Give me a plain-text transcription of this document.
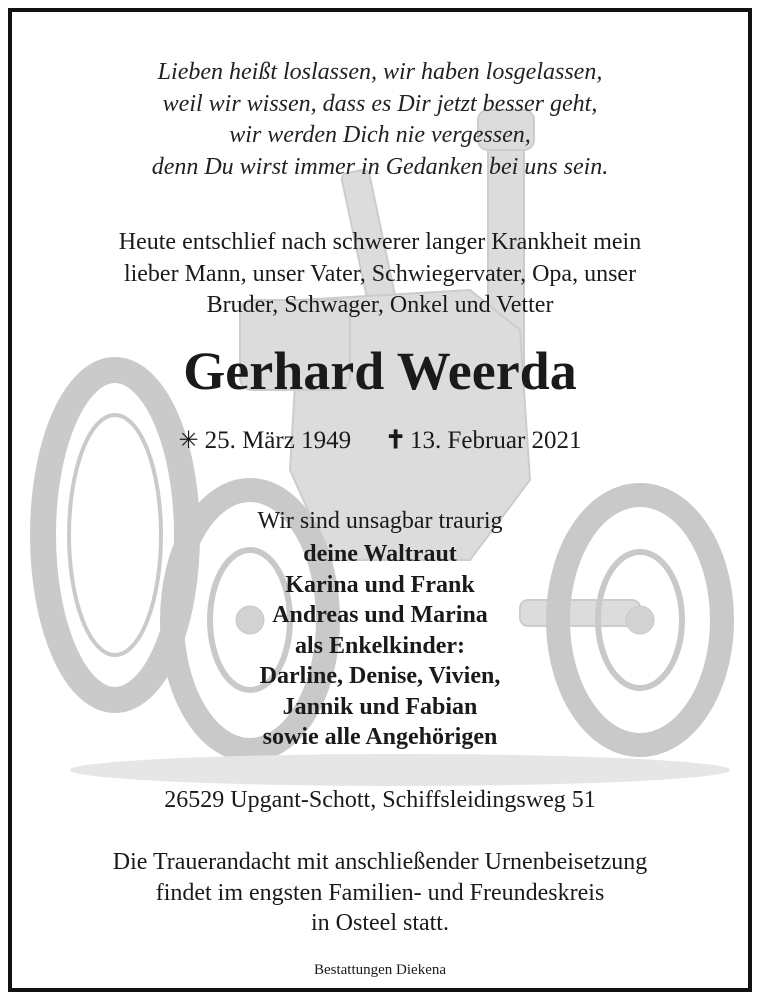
Lieben heißt loslassen, wir haben losgelassen,
weil wir wissen, dass es Dir jetzt besser geht,
wir werden Dich nie vergessen,
denn Du wirst immer in Gedanken bei uns sein.
Heute entschlief nach schwerer langer Krankheit mein
lieber Mann, unser Vater, Schwiegervater, Opa, unser
Bruder, Schwager, Onkel und Vetter
Gerhard Weerda
✳ 25. März 1949 ✝ 13. Februar 2021
Wir sind unsagbar traurig
deine Waltraut
Karina und Frank
Andreas und Marina
als Enkelkinder:
Darline, Denise, Vivien,
Jannik und Fabian
sowie alle Angehörigen
26529 Upgant-Schott, Schiffsleidingsweg 51
Die Trauerandacht mit anschließender Urnenbeisetzung
findet im engsten Familien- und Freundeskreis
in Osteel statt.
Bestattungen Diekena
